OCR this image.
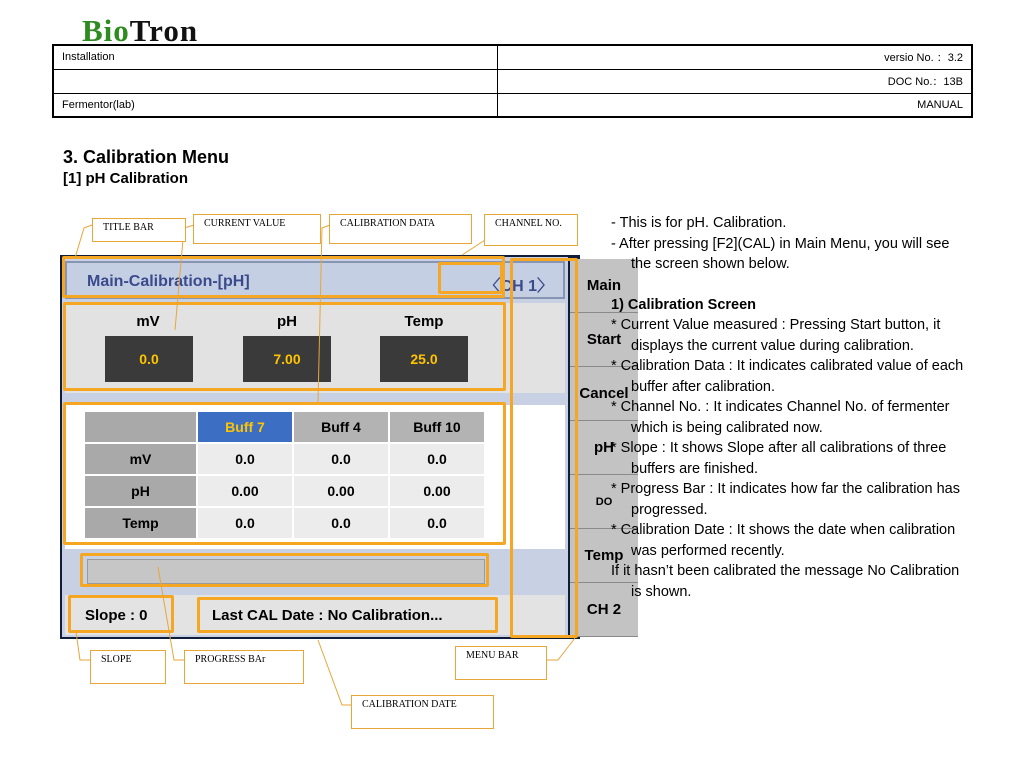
BioTron
Installation	versio No. ：3.2
	DOC No.：13B
Fermentor(lab)	MANUAL
3. Calibration Menu
[1] pH Calibration
Main-Calibration-[pH]	〈CH 1〉
mV	pH	Temp
0.0	7.00	25.0
	Buff 7	Buff 4	Buff 10
mV	0.0	0.0	0.0
pH	0.00	0.00	0.00
Temp	0.0	0.0	0.0
Slope : 0	Last CAL Date : No Calibration...
Main
Start
Cancel
pH
DO
Temp
CH 2
TITLE BAR	CURRENT VALUE	CALIBRATION DATA	CHANNEL NO.
SLOPE	PROGRESS BAr	MENU BAR
CALIBRATION DATE

- This is for pH. Calibration.

- After pressing [F2](CAL) in Main Menu, you will see the screen shown below.

1) Calibration Screen

* Current Value measured : Pressing Start button, it displays the current value during calibration.

* Calibration Data : It indicates calibrated value of each buffer after calibration.

* Channel No. : It indicates Channel No. of fermenter which is being calibrated now.

* Slope : It shows Slope after all calibrations of three buffers are finished.

* Progress Bar : It indicates how far the calibration has progressed.

* Calibration Date : It shows the date when calibration was performed recently.

If it hasn’t been calibrated the message No Calibration is shown.
